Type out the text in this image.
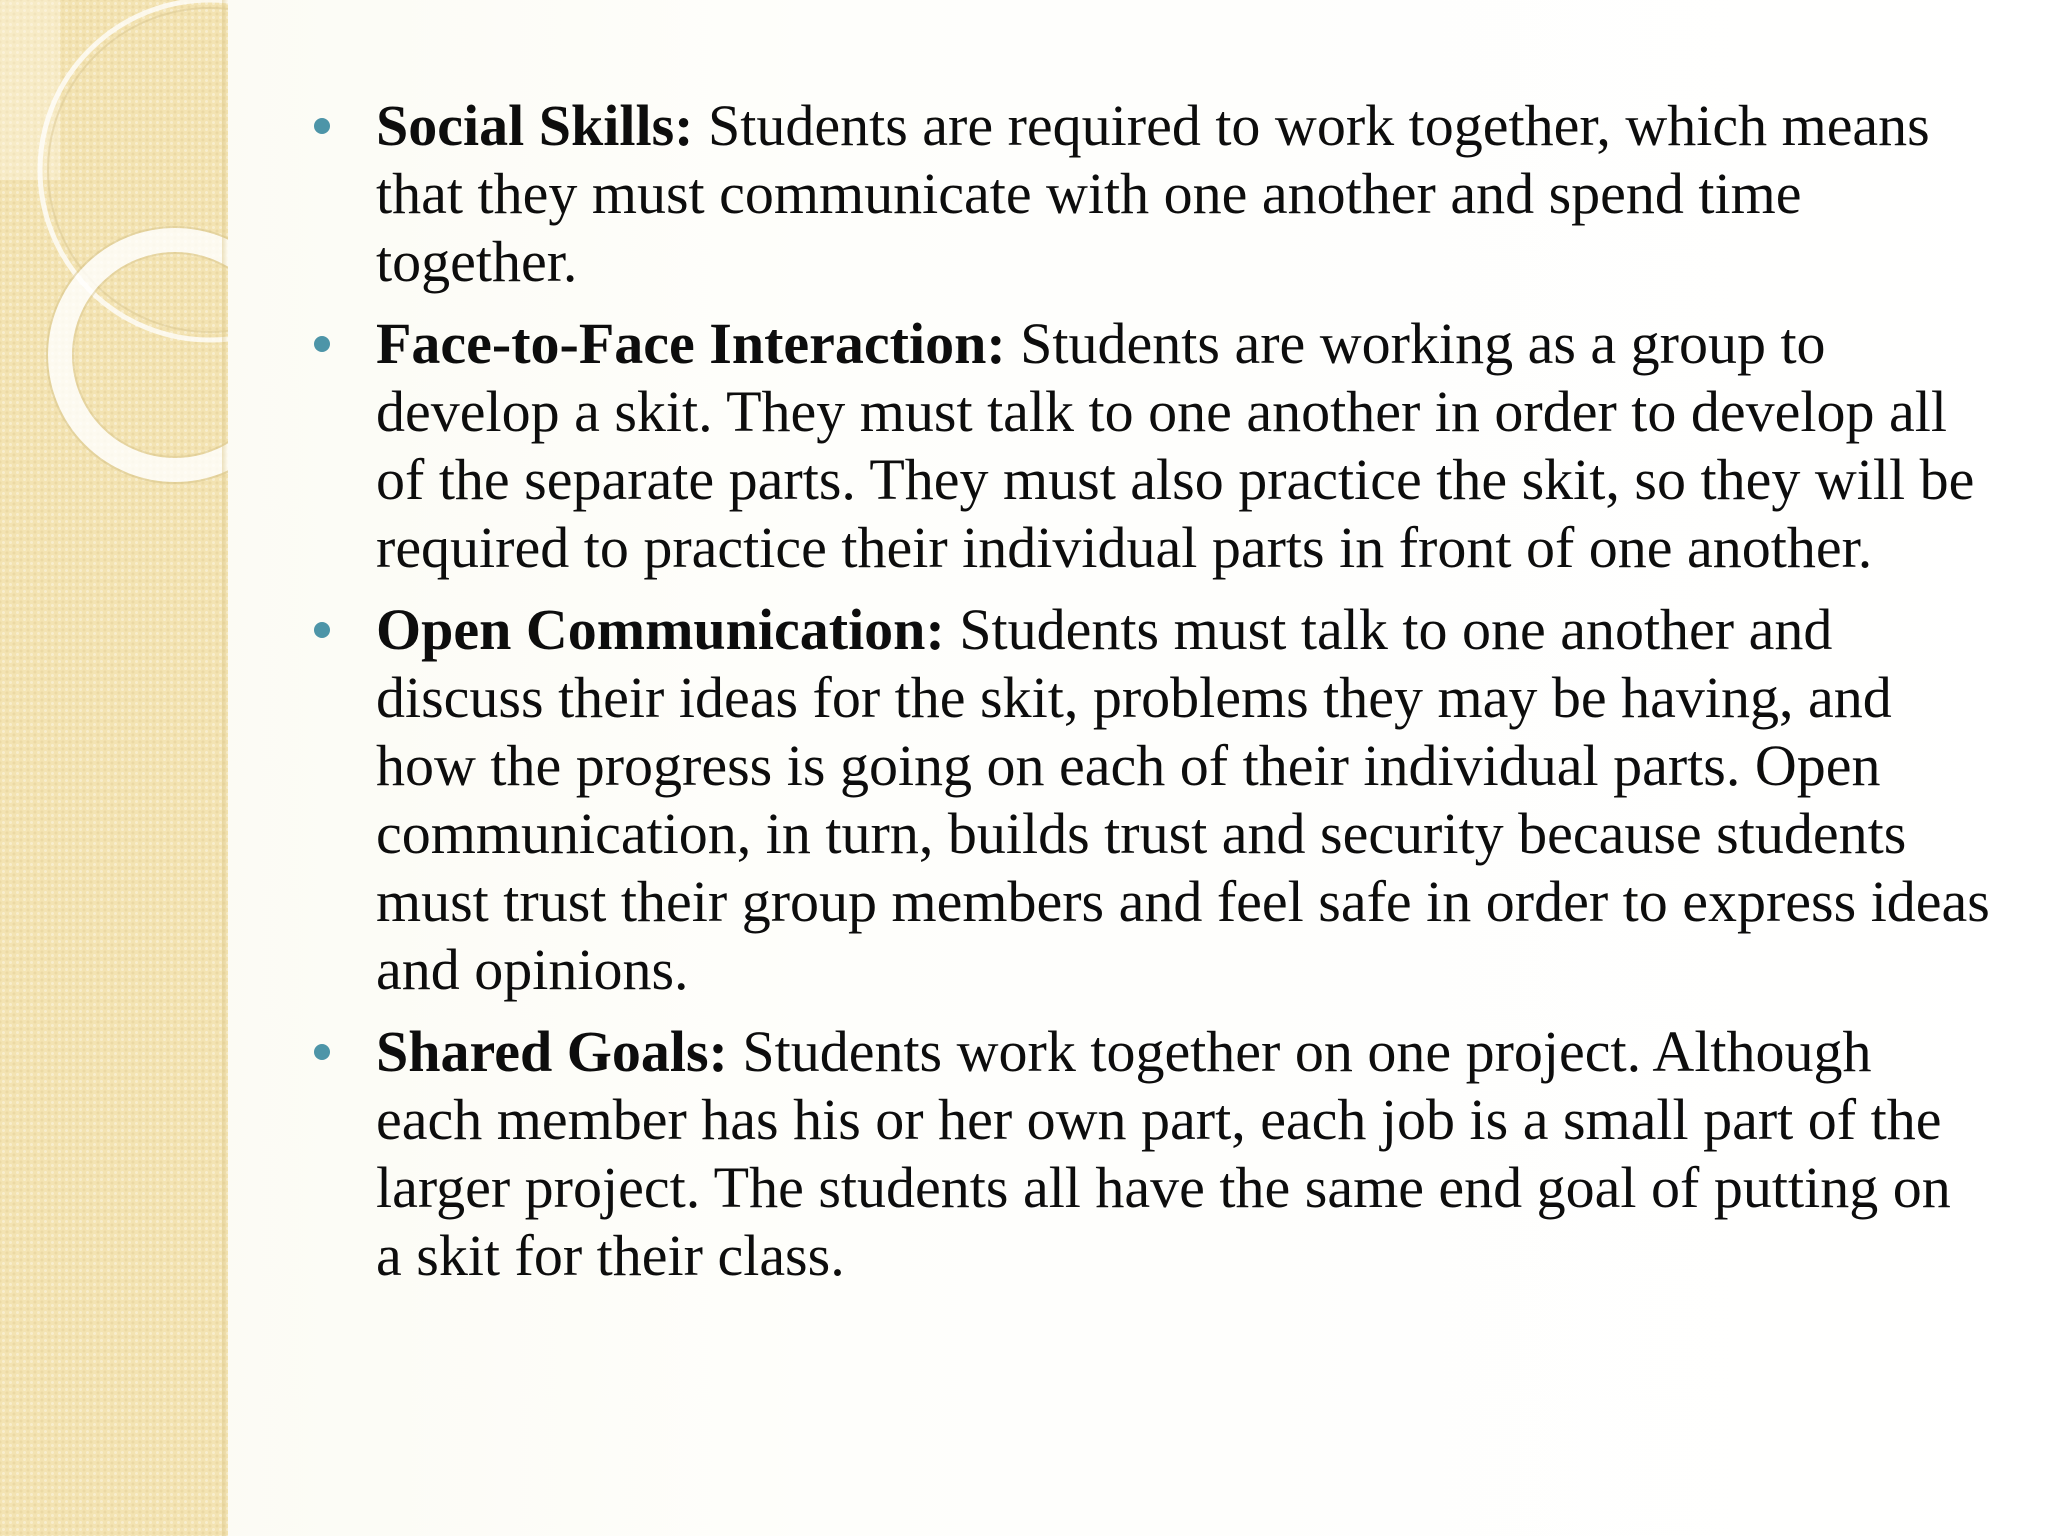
Social Skills: Students are required to work together, which means that they must communicate with one another and spend time together.
Face-to-Face Interaction: Students are working as a group to develop a skit. They must talk to one another in order to develop all of the separate parts. They must also practice the skit, so they will be required to practice their individual parts in front of one another.
Open Communication: Students must talk to one another and discuss their ideas for the skit, problems they may be having, and how the progress is going on each of their individual parts. Open communication, in turn, builds trust and security because students must trust their group members and feel safe in order to express ideas and opinions.
Shared Goals: Students work together on one project. Although each member has his or her own part, each job is a small part of the larger project. The students all have the same end goal of putting on a skit for their class.
